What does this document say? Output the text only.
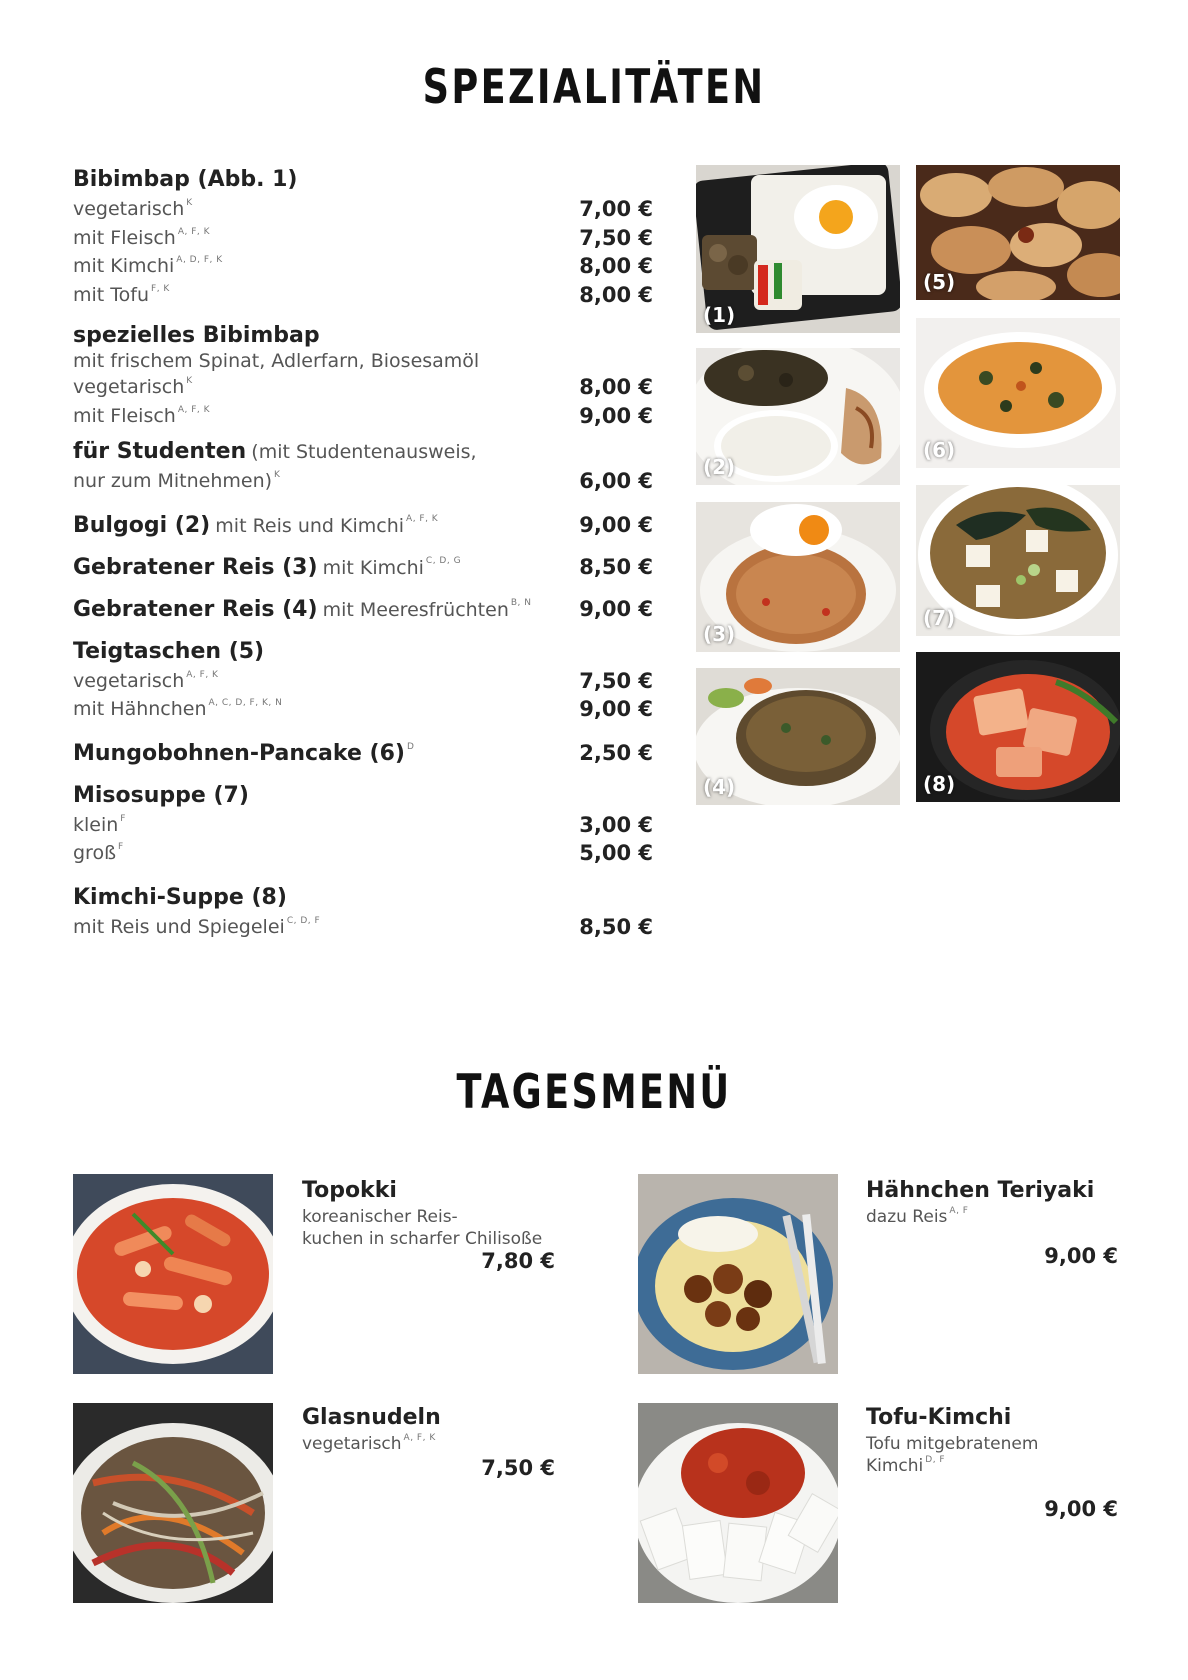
SPEZIALITÄTEN
Bibimbap (Abb. 1)
vegetarisch $^K$	7,00 €
mit Fleisch $^{A, F, K}$	7,50 €
mit Kimchi $^{A, D, F, K}$	8,00 €
mit Tofu $^{F, K}$	8,00 €
spezielles Bibimbap
mit frischem Spinat, Adlerfarn, Biosesamöl
vegetarisch $^K$	8,00 €
mit Fleisch $^{A, F, K}$	9,00 €
für Studenten (mit Studentenausweis,
nur zum Mitnehmen) $^K$	6,00 €
Bulgogi (2) mit Reis und Kimchi $^{A, F, K}$	9,00 €
Gebratener Reis (3) mit Kimchi $^{C, D, G}$	8,50 €
Gebratener Reis (4) mit Meeresfrüchten $^{B, N}$ 9,00 €
Teigtaschen (5)
vegetarisch $^{A, F, K}$	7,50 €
mit Hähnchen $^{A, C, D, F, K, N}$	9,00 €
Mungobohnen-Pancake (6) $^D$	2,50 €
Misosuppe (7)
klein $^F$	3,00 €
groß $^F$	5,00 €
Kimchi-Suppe (8)
mit Reis und Spiegelei $^{C, D, F}$	8,50 €
(1)
(5)
(2)
(6)
(3)
(7)
(4)	(8)
TAGESMENÜ
Topokki
koreanischer Reis-
kuchen in scharfer Chilisoße
7,80 €
Hähnchen Teriyaki
dazu Reis $^{A, F}$
9,00 €
Glasnudeln
vegetarisch $^{A, F, K}$
7,50 €
Tofu-Kimchi
Tofu mitgebratenem
Kimchi $^{D, F}$
9,00 €
